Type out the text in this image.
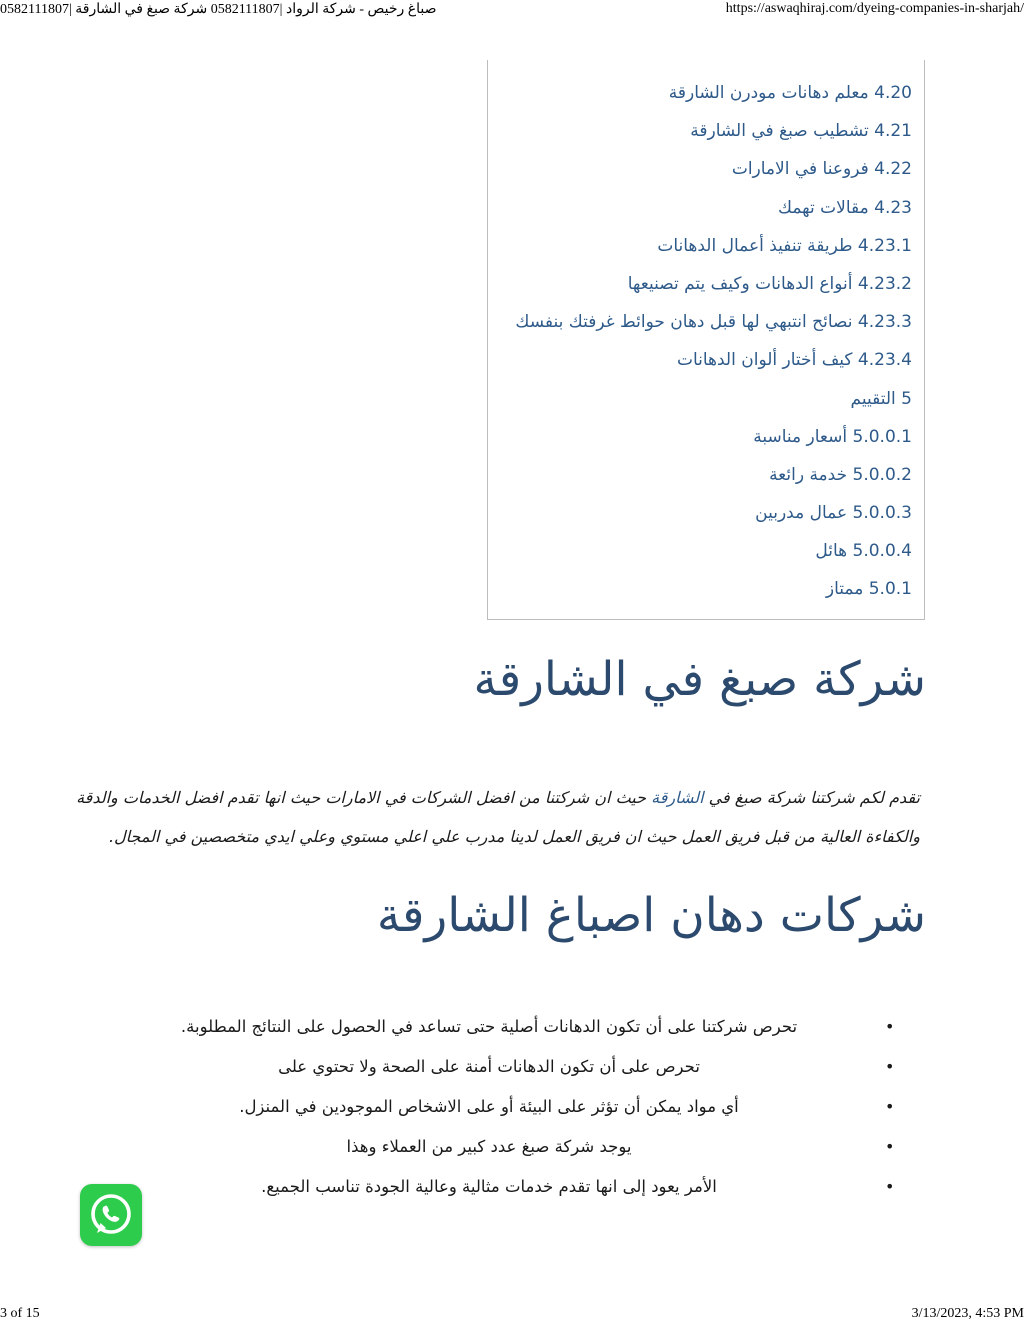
0582111807| صباغ رخيص - شركة الرواد |0582111807 شركة صبغ في الشارقة	https://aswaqhiraj.com/dyeing-companies-in-sharjah/
4.20 معلم دهانات مودرن الشارقة
4.21 تشطيب صبغ في الشارقة
4.22 فروعنا في الامارات
4.23 مقالات تهمك
4.23.1 طريقة تنفيذ أعمال الدهانات
4.23.2 أنواع الدهانات وكيف يتم تصنيعها
4.23.3 نصائح انتبهي لها قبل دهان حوائط غرفتك بنفسك
4.23.4 كيف أختار ألوان الدهانات
5 التقييم
5.0.0.1 أسعار مناسبة
5.0.0.2 خدمة رائعة
5.0.0.3 عمال مدربين
5.0.0.4 هائل
5.0.1 ممتاز
شركة صبغ في الشارقة

تقدم لكم شركتنا شركة صبغ في الشارقة حيث ان شركتنا من افضل الشركات في الامارات حيث انها تقدم افضل الخدمات والدقة
والكفاءة العالية من قبل فريق العمل حيث ان فريق العمل لدينا مدرب علي اعلي مستوي وعلي ايدي متخصصين في المجال.

شركات دهان اصباغ الشارقة
•
تحرص شركتنا على أن تكون الدهانات أصلية حتى تساعد في الحصول على النتائج المطلوبة.
•
تحرص على أن تكون الدهانات أمنة على الصحة ولا تحتوي على
•
أي مواد يمكن أن تؤثر على البيئة أو على الاشخاص الموجودين في المنزل.
•
يوجد شركة صبغ عدد كبير من العملاء وهذا
•
الأمر يعود إلى انها تقدم خدمات مثالية وعالية الجودة تناسب الجميع.
3 of 15	3/13/2023, 4:53 PM
